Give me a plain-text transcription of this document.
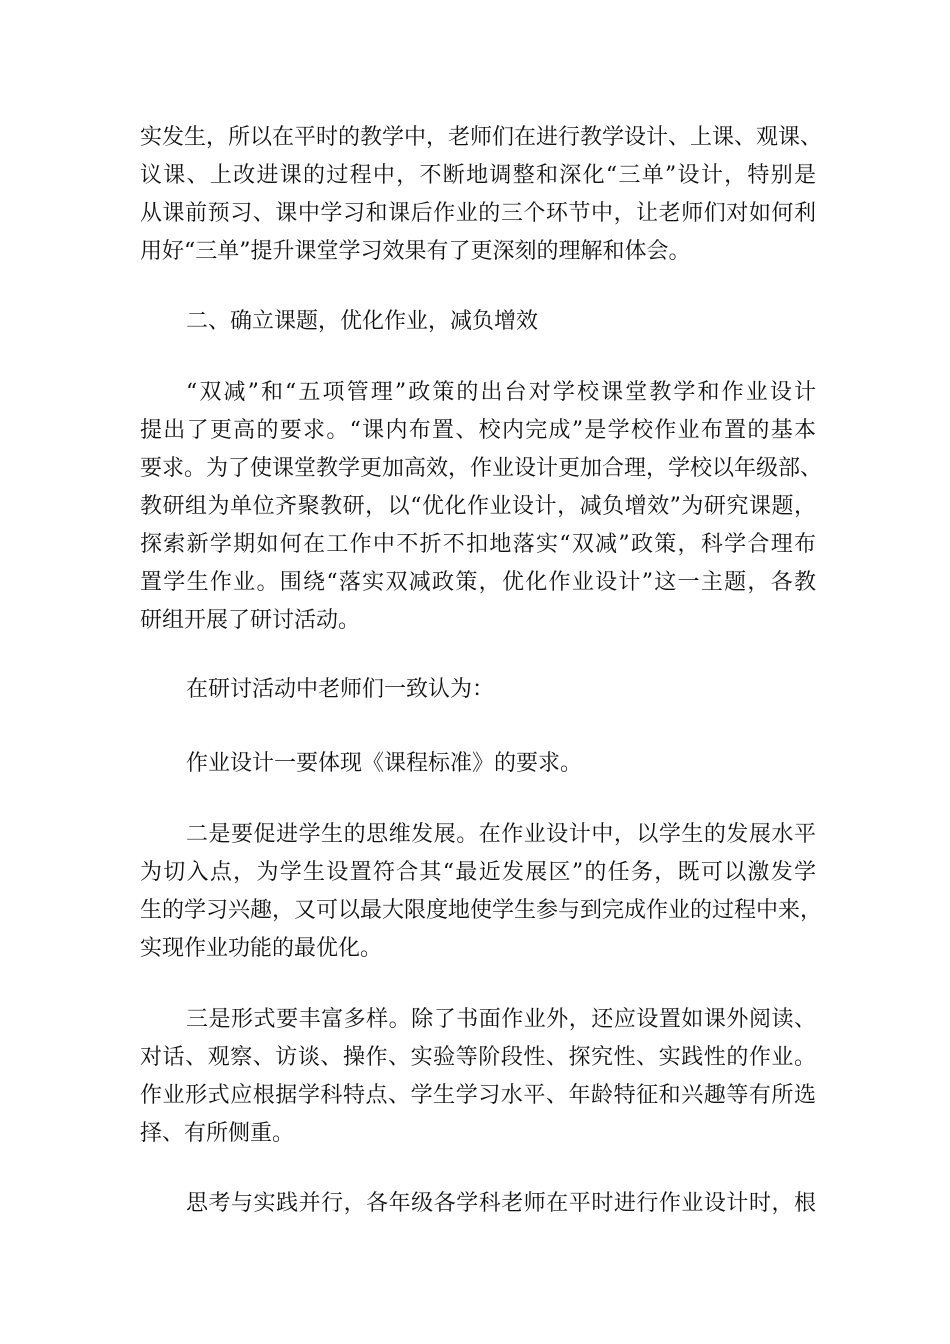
实发生，所以在平时的教学中，老师们在进行教学设计、上课、观课、
议课、上改进课的过程中，不断地调整和深化“三单”设计，特别是
从课前预习、课中学习和课后作业的三个环节中，让老师们对如何利
用好“三单”提升课堂学习效果有了更深刻的理解和体会。
二、确立课题，优化作业，减负增效
“双减”和“五项管理”政策的出台对学校课堂教学和作业设计
提出了更高的要求。“课内布置、校内完成”是学校作业布置的基本
要求。为了使课堂教学更加高效，作业设计更加合理，学校以年级部、
教研组为单位齐聚教研，以“优化作业设计，减负增效”为研究课题，
探索新学期如何在工作中不折不扣地落实“双减”政策，科学合理布
置学生作业。围绕“落实双减政策，优化作业设计”这一主题，各教
研组开展了研讨活动。
在研讨活动中老师们一致认为：
作业设计一要体现《课程标准》的要求。
二是要促进学生的思维发展。在作业设计中，以学生的发展水平
为切入点，为学生设置符合其“最近发展区”的任务，既可以激发学
生的学习兴趣，又可以最大限度地使学生参与到完成作业的过程中来，
实现作业功能的最优化。
三是形式要丰富多样。除了书面作业外，还应设置如课外阅读、
对话、观察、访谈、操作、实验等阶段性、探究性、实践性的作业。
作业形式应根据学科特点、学生学习水平、年龄特征和兴趣等有所选
择、有所侧重。
思考与实践并行，各年级各学科老师在平时进行作业设计时，根
